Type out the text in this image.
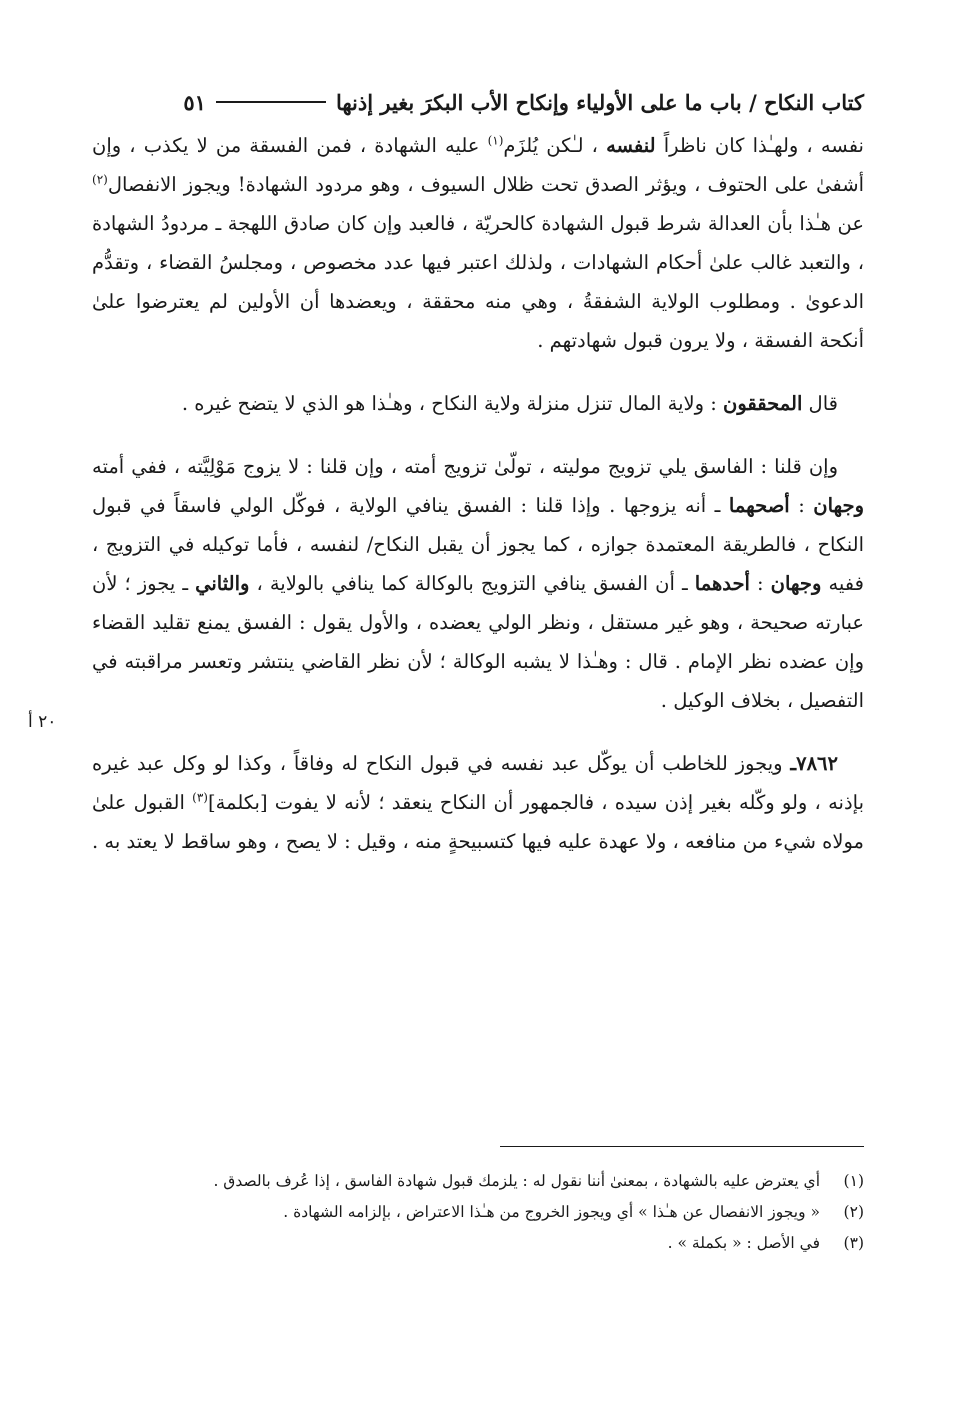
كتاب النكاح / باب ما على الأولياء وإنكاح الأب البكرَ بغير إذنها
٥١
٢٠ أ

نفسه ، ولهـٰذا كان ناظراً لنفسه ، لـٰكن يُلزَم$^{(١)}$ عليه الشهادة ، فمن الفسقة من لا يكذب ، وإن أشفىٰ على الحتوف ، ويؤثر الصدق تحت ظلال السيوف ، وهو مردود الشهادة! ويجوز الانفصال$^{(٢)}$ عن هـٰذا بأن العدالة شرط قبول الشهادة كالحريّة ، فالعبد وإن كان صادق اللهجة ـ مردودُ الشهادة ، والتعبد غالب علىٰ أحكام الشهادات ، ولذلك اعتبر فيها عدد مخصوص ، ومجلسُ القضاء ، وتقدُّم الدعوىٰ . ومطلوب الولاية الشفقةُ ، وهي منه محققة ، ويعضدها أن الأولين لم يعترضوا علىٰ أنكحة الفسقة ، ولا يرون قبول شهادتهم .

قال المحققون : ولاية المال تنزل منزلة ولاية النكاح ، وهـٰذا هو الذي لا يتضح غيره .

وإن قلنا : الفاسق يلي تزويج موليته ، تولّىٰ تزويج أمته ، وإن قلنا : لا يزوج مَوْلِيَّته ، ففي أمته وجهان : أصحهما ـ أنه يزوجها . وإذا قلنا : الفسق ينافي الولاية ، فوكّل الولي فاسقاً في قبول النكاح ، فالطريقة المعتمدة جوازه ، كما يجوز أن يقبل النكاح/ لنفسه ، فأما توكيله في التزويج ، ففيه وجهان : أحدهما ـ أن الفسق ينافي التزويج بالوكالة كما ينافي بالولاية ، والثاني ـ يجوز ؛ لأن عبارته صحيحة ، وهو غير مستقل ، ونظر الولي يعضده ، والأول يقول : الفسق يمنع تقليد القضاء وإن عضده نظر الإمام . قال : وهـٰذا لا يشبه الوكالة ؛ لأن نظر القاضي ينتشر وتعسر مراقبته في التفصيل ، بخلاف الوكيل .

٧٨٦٢ـ ويجوز للخاطب أن يوكّل عبد نفسه في قبول النكاح له وفاقاً ، وكذا لو وكل عبد غيره بإذنه ، ولو وكّله بغير إذن سيده ، فالجمهور أن النكاح ينعقد ؛ لأنه لا يفوت [بكلمة]$^{(٣)}$ القبول علىٰ مولاه شيء من منافعه ، ولا عهدة عليه فيها كتسبيحةٍ منه ، وقيل : لا يصح ، وهو ساقط لا يعتد به .

(١)
أي يعترض عليه بالشهادة ، بمعنىٰ أننا نقول له : يلزمك قبول شهادة الفاسق ، إذا عُرف بالصدق .
(٢)
« ويجوز الانفصال عن هـٰذا » أي ويجوز الخروج من هـٰذا الاعتراض ، بإلزامه الشهادة .
(٣)
في الأصل : « بكملة » .
